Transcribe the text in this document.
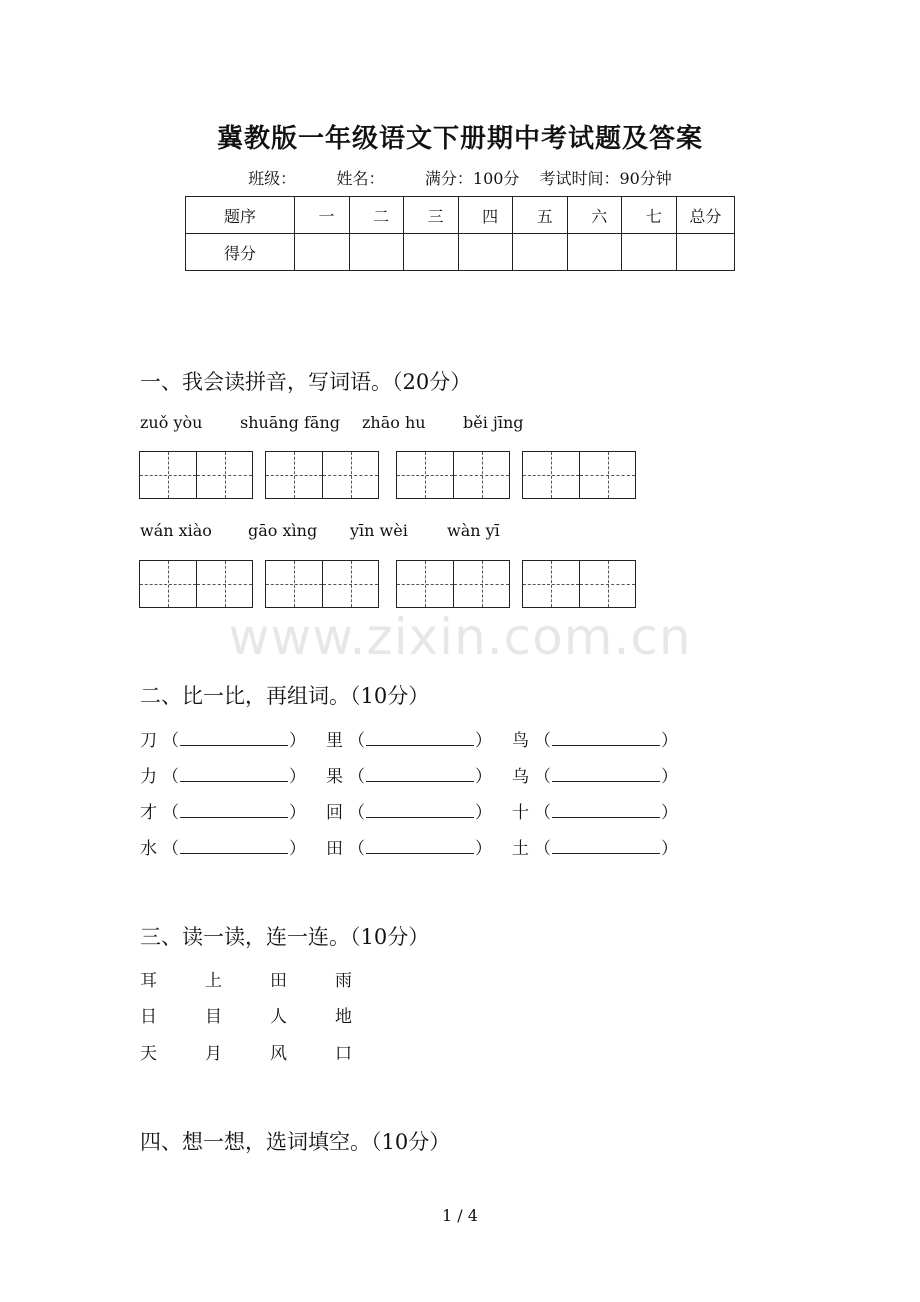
冀教版一年级语文下册期中考试题及答案
班级：	姓名：	满分：100分 考试时间：90分钟
题序	一	二	三	四	五	六	七	总分
得分								
一、我会读拼音，写词语。（20分）
zuǒ yòu shuāng fāng zhāo hu běi jīng
wán xiào gāo xìng yīn wèi wàn yī
www.zixin.com.cn
二、比一比，再组词。（10分）
刀 （	） 里 （	） 鸟 （	）
力 （	） 果 （	） 乌 （	）
才 （	） 回 （	） 十 （	）
水 （	） 田 （	） 土 （	）
三、读一读，连一连。（10分）
耳	上	田	雨
日	目	人	地
天	月	风	口
四、想一想，选词填空。（10分）
1 / 4
